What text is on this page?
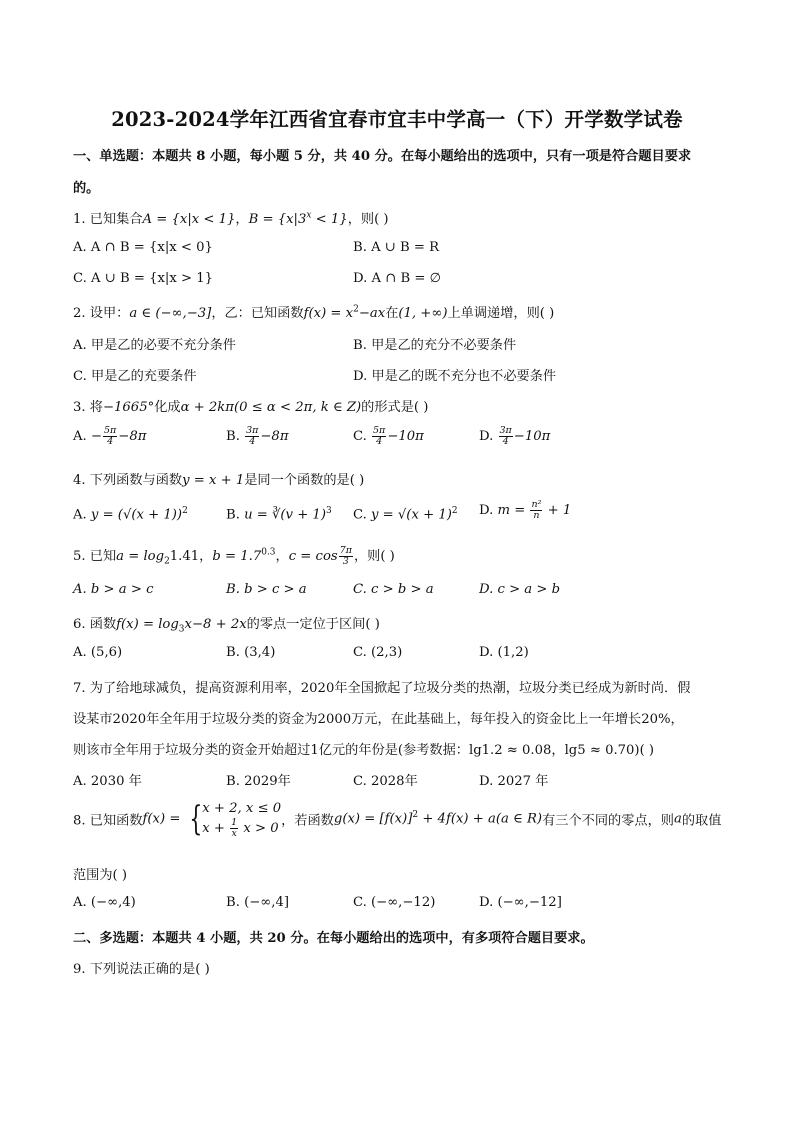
2023-2024学年江西省宜春市宜丰中学高一（下）开学数学试卷
一、单选题：本题共 8 小题，每小题 5 分，共 40 分。在每小题给出的选项中，只有一项是符合题目要求
的。
1. 已知集合A = {x|x < 1}，$B = \{x|3^x < 1\}$，则( )
A. A ∩ B = {x|x < 0}	B. A ∪ B = R
C. A ∪ B = {x|x > 1}	D. A ∩ B = ∅
2. 设甲：a ∈ (−∞,−3]，乙：已知函数$f(x) = x^2-ax$在(1, +∞)上单调递增，则( )
A. 甲是乙的必要不充分条件	B. 甲是乙的充分不必要条件
C. 甲是乙的充要条件	D. 甲是乙的既不充分也不必要条件
3. 将−1665°化成α + 2kπ(0 ≤ α < 2π, k ∈ Z)的形式是( )
A. − $\frac{5\pi}{4} -8\pi$	B. $\frac{3\pi}{4} -8\pi$	C. $\frac{5\pi}{4} -10\pi$	D. $\frac{3\pi}{4} -10\pi$
4. 下列函数与函数y = x + 1是同一个函数的是( )
A. $y = (√(x + 1))^2$	B. u = ∛(v + 1)$^3$ C. $y = √(x + 1)^2$ D. $m = \frac{\text{n²}}{n} + 1$
5. 已知$a = \log_21.41$，$b = 1.7^{0.3}$，$c = \cos \frac{7\pi}{3}$ ，则( )
A. b > a > c	B. b > c > a	C. c > b > a	D. c > a > b
6. 函数$f(x) = \log_3x-8 + 2x$的零点一定位于区间( )
A. (5,6)	B. (3,4)	C. (2,3)	D. (1,2)
7. 为了给地球减负，提高资源利用率，2020年全国掀起了垃圾分类的热潮，垃圾分类已经成为新时尚．假
设某市2020年全年用于垃圾分类的资金为2000万元，在此基础上，每年投入的资金比上一年增长20%，
则该市全年用于垃圾分类的资金开始超过1亿元的年份是(参考数据：lg1.2 ≈ 0.08，lg5 ≈ 0.70)( )
A. 2030 年	B. 2029年	C. 2028年	D. 2027 年
8. 已知函数f(x) = { x + 2, x ≤ 0
$x + \frac{1}{x}$ x > 0 ，若函数$g(x) = [f(x)]^2 + 4f(x) + a(a$ ∈ R)有三个不同的零点，则a的取值
范围为( )
A. (−∞,4)	B. (−∞,4]	C. (−∞,−12)	D. (−∞,−12]
二、多选题：本题共 4 小题，共 20 分。在每小题给出的选项中，有多项符合题目要求。
9. 下列说法正确的是( )
